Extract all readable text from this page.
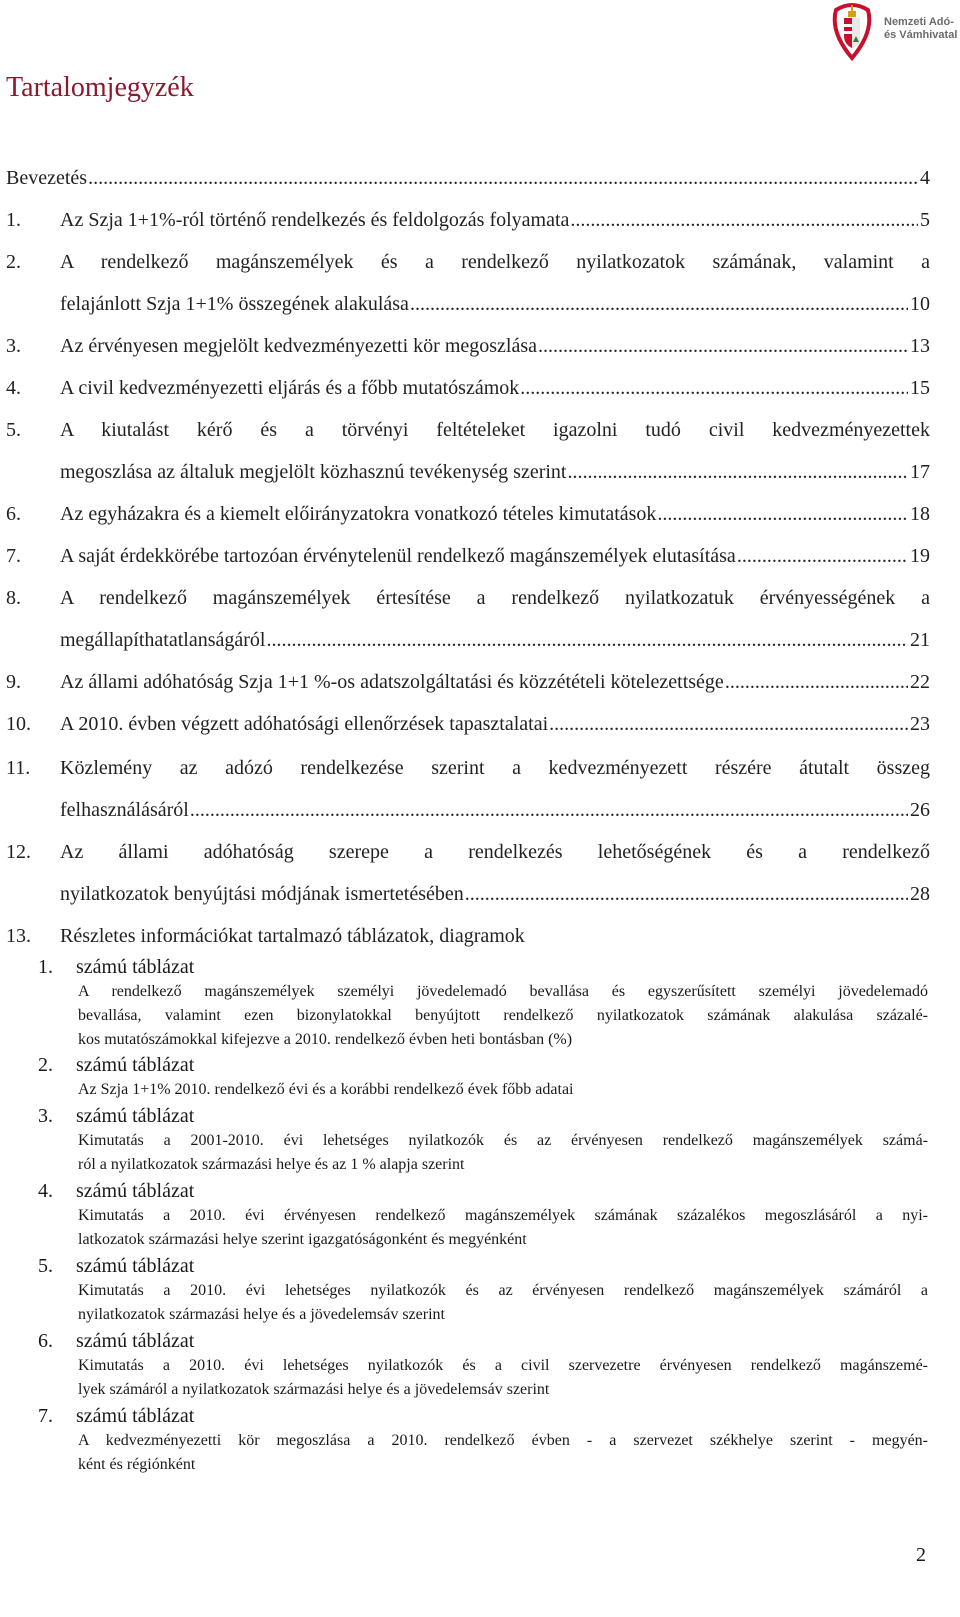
Nemzeti Adó-
és Vámhivatal
Tartalomjegyzék
Bevezetés .....	4
1. Az Szja 1+1%-ról történő rendelkezés és feldolgozás folyamata .....	5
2. A rendelkező magánszemélyek és a rendelkező nyilatkozatok számának, valamint a
felajánlott Szja 1+1% összegének alakulása .....	10
3. Az érvényesen megjelölt kedvezményezetti kör megoszlása .....	13
4. A civil kedvezményezetti eljárás és a főbb mutatószámok .....	15
5. A kiutalást kérő és a törvényi feltételeket igazolni tudó civil kedvezményezettek
megoszlása az általuk megjelölt közhasznú tevékenység szerint .....	17
6. Az egyházakra és a kiemelt előirányzatokra vonatkozó tételes kimutatások .....	18
7. A saját érdekkörébe tartozóan érvénytelenül rendelkező magánszemélyek elutasítása .....	19
8. A rendelkező magánszemélyek értesítése a rendelkező nyilatkozatuk érvényességének a
megállapíthatatlanságáról .....	21
9. Az állami adóhatóság Szja 1+1 %-os adatszolgáltatási és közzétételi kötelezettsége .....	22
10. A 2010. évben végzett adóhatósági ellenőrzések tapasztalatai .....	23
11. Közlemény az adózó rendelkezése szerint a kedvezményezett részére átutalt összeg
felhasználásáról .....	26
12. Az állami adóhatóság szerepe a rendelkezés lehetőségének és a rendelkező
nyilatkozatok benyújtási módjának ismertetésében .....	28
13. Részletes információkat tartalmazó táblázatok, diagramok
1. számú táblázat
A rendelkező magánszemélyek személyi jövedelemadó bevallása és egyszerűsített személyi jövedelemadó
bevallása, valamint ezen bizonylatokkal benyújtott rendelkező nyilatkozatok számának alakulása százalé-
kos mutatószámokkal kifejezve a 2010. rendelkező évben heti bontásban (%)
2. számú táblázat
Az Szja 1+1% 2010. rendelkező évi és a korábbi rendelkező évek főbb adatai
3. számú táblázat
Kimutatás a 2001-2010. évi lehetséges nyilatkozók és az érvényesen rendelkező magánszemélyek számá-
ról a nyilatkozatok származási helye és az 1 % alapja szerint
4. számú táblázat
Kimutatás a 2010. évi érvényesen rendelkező magánszemélyek számának százalékos megoszlásáról a nyi-
latkozatok származási helye szerint igazgatóságonként és megyénként
5. számú táblázat
Kimutatás a 2010. évi lehetséges nyilatkozók és az érvényesen rendelkező magánszemélyek számáról a
nyilatkozatok származási helye és a jövedelemsáv szerint
6. számú táblázat
Kimutatás a 2010. évi lehetséges nyilatkozók és a civil szervezetre érvényesen rendelkező magánszemé-
lyek számáról a nyilatkozatok származási helye és a jövedelemsáv szerint
7. számú táblázat
A kedvezményezetti kör megoszlása a 2010. rendelkező évben - a szervezet székhelye szerint - megyén-
ként és régiónként
2
